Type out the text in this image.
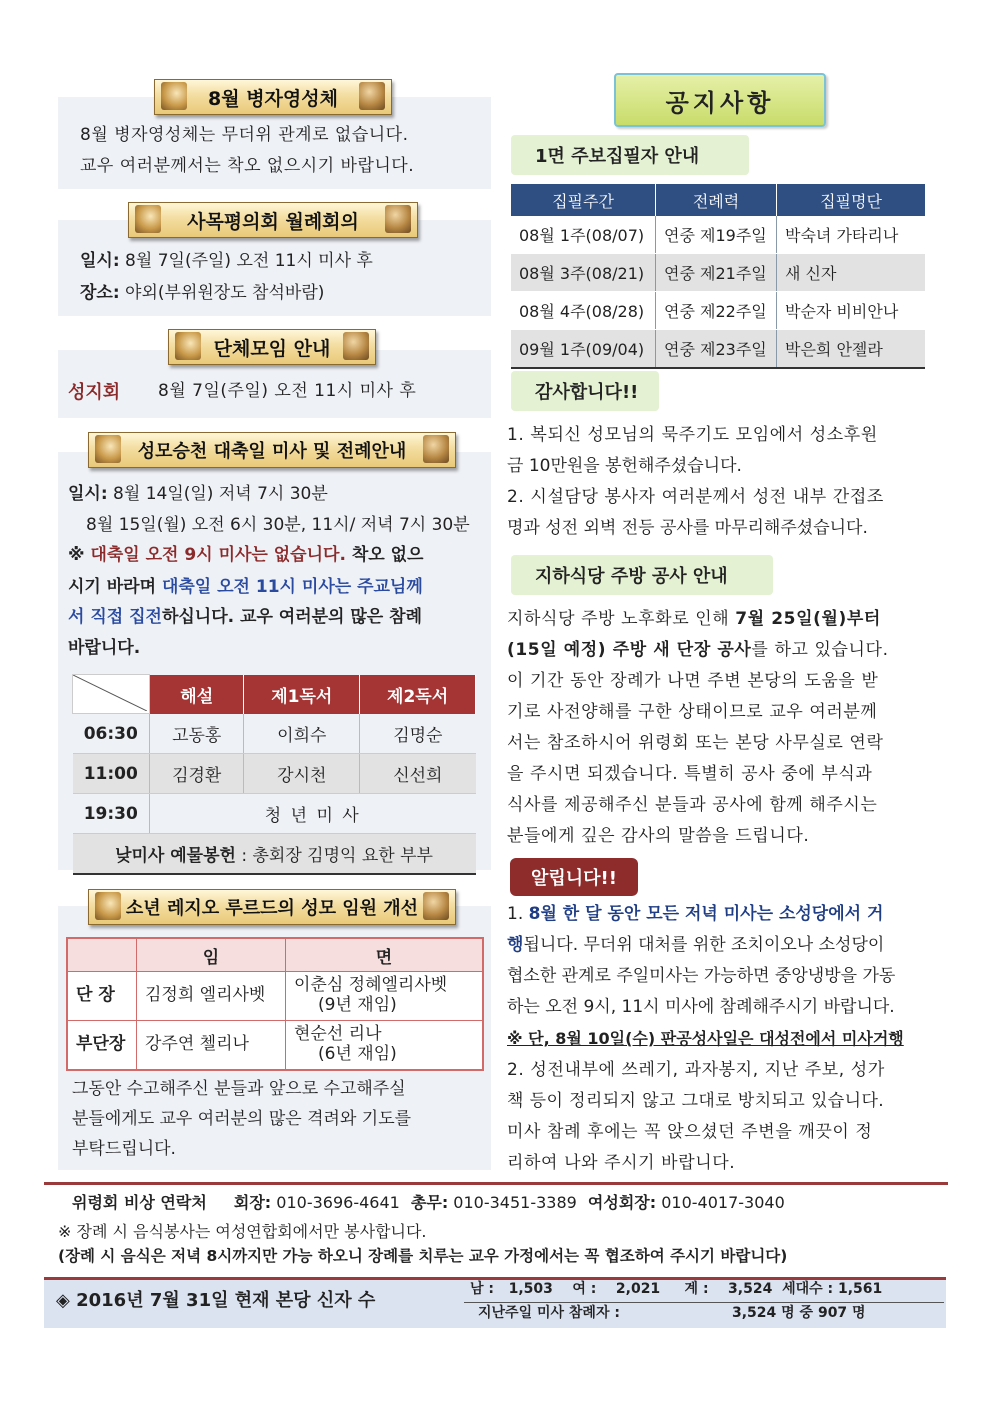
8월 병자영성체
8월 병자영성체는 무더위 관계로 없습니다.
교우 여러분께서는 착오 없으시기 바랍니다.
사목평의회 월례회의
일시: 8월 7일(주일) 오전 11시 미사 후
장소: 야외(부위원장도 참석바람)
단체모임 안내
성지회 8월 7일(주일) 오전 11시 미사 후
성모승천 대축일 미사 및 전례안내
일시: 8월 14일(일) 저녁 7시 30분
8월 15일(월) 오전 6시 30분, 11시/ 저녁 7시 30분
※ 대축일 오전 9시 미사는 없습니다. 착오 없으
시기 바라며 대축일 오전 11시 미사는 주교님께
서 직접 집전하십니다. 교우 여러분의 많은 참례
바랍니다.
	해설	제1독서	제2독서
06:30	고동홍	이희수	김명순
11:00	김경환	강시천	신선희
19:30	청 년 미 사		
낮미사 예물봉헌 : 총회장 김명익 요한 부부			
소년 레지오 루르드의 성모 임원 개선
	임	면
단 장	김정희 엘리사벳	이춘심 정혜엘리사벳
(9년 재임)

부단장	강주연 첼리나	현순선 리나
(6년 재임)
그동안 수고해주신 분들과 앞으로 수고해주실
분들에게도 교우 여러분의 많은 격려와 기도를
부탁드립니다.
공지사항
1면 주보집필자 안내
집필주간	전례력	집필명단
08월 1주(08/07)	연중 제19주일	박숙녀 가타리나
08월 3주(08/21)	연중 제21주일	새 신자
08월 4주(08/28)	연중 제22주일	박순자 비비안나
09월 1주(09/04)	연중 제23주일	박은희 안젤라
감사합니다!!
1. 복되신 성모님의 묵주기도 모임에서 성소후원
금 10만원을 봉헌해주셨습니다.
2. 시설담당 봉사자 여러분께서 성전 내부 간접조
명과 성전 외벽 전등 공사를 마무리해주셨습니다.
지하식당 주방 공사 안내
지하식당 주방 노후화로 인해 7월 25일(월)부터
(15일 예정) 주방 새 단장 공사를 하고 있습니다.
이 기간 동안 장례가 나면 주변 본당의 도움을 받
기로 사전양해를 구한 상태이므로 교우 여러분께
서는 참조하시어 위령회 또는 본당 사무실로 연락
을 주시면 되겠습니다. 특별히 공사 중에 부식과
식사를 제공해주신 분들과 공사에 함께 해주시는
분들에게 깊은 감사의 말씀을 드립니다.
알립니다!!
1. 8월 한 달 동안 모든 저녁 미사는 소성당에서 거
행됩니다. 무더위 대처를 위한 조치이오나 소성당이
협소한 관계로 주일미사는 가능하면 중앙냉방을 가동
하는 오전 9시, 11시 미사에 참례해주시기 바랍니다.
※ 단, 8월 10일(수) 판공성사일은 대성전에서 미사거행
2. 성전내부에 쓰레기, 과자봉지, 지난 주보, 성가
책 등이 정리되지 않고 그대로 방치되고 있습니다.
미사 참례 후에는 꼭 앉으셨던 주변을 깨끗이 정
리하여 나와 주시기 바랍니다.
위령회 비상 연락처 회장: 010-3696-4641 총무: 010-3451-3389 여성회장: 010-4017-3040
※ 장례 시 음식봉사는 여성연합회에서만 봉사합니다.
(장례 시 음식은 저녁 8시까지만 가능 하오니 장례를 치루는 교우 가정에서는 꼭 협조하여 주시기 바랍니다)
◈ 2016년 7월 31일 현재 본당 신자 수
남 :   1,503    여 :    2,021     계 :    3,524  세대수 : 1,561
지난주일 미사 참례자 :	3,524 명 중 907 명
